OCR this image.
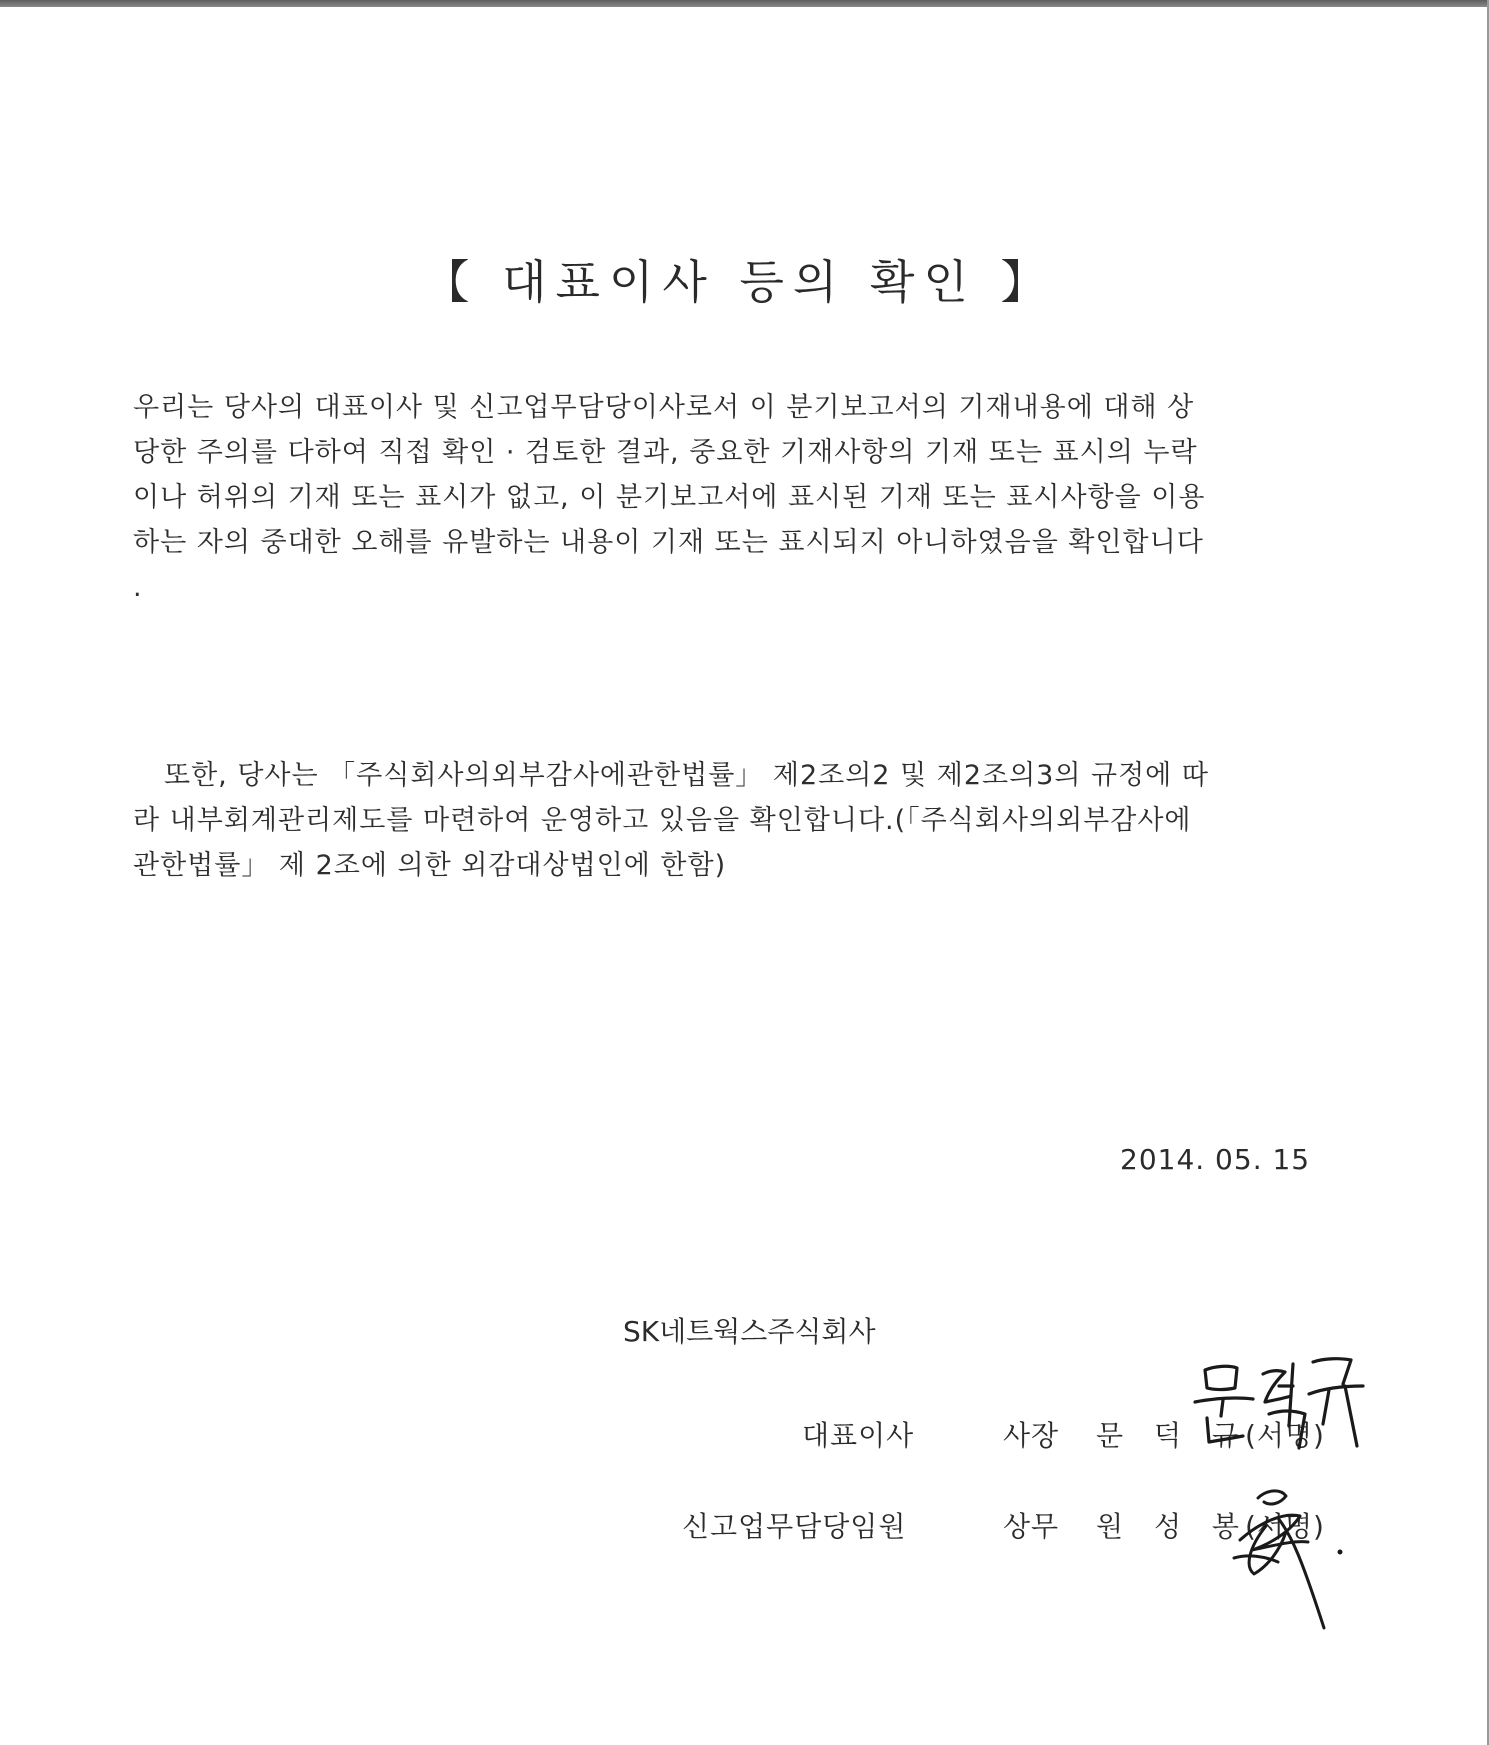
【 대표이사 등의 확인 】
우리는 당사의 대표이사 및 신고업무담당이사로서 이 분기보고서의 기재내용에 대해 상
당한 주의를 다하여 직접 확인 · 검토한 결과, 중요한 기재사항의 기재 또는 표시의 누락
이나 허위의 기재 또는 표시가 없고, 이 분기보고서에 표시된 기재 또는 표시사항을 이용
하는 자의 중대한 오해를 유발하는 내용이 기재 또는 표시되지 아니하였음을 확인합니다
.
또한, 당사는 「주식회사의외부감사에관한법률」 제2조의2 및 제2조의3의 규정에 따
라 내부회계관리제도를 마련하여 운영하고 있음을 확인합니다.(「주식회사의외부감사에
관한법률」 제 2조에 의한 외감대상법인에 한함)
2014. 05. 15
SK네트웍스주식회사
대표이사	사장 문 덕 규
(서명)
신고업무담당임원	상무 원 성 봉
(서명)
